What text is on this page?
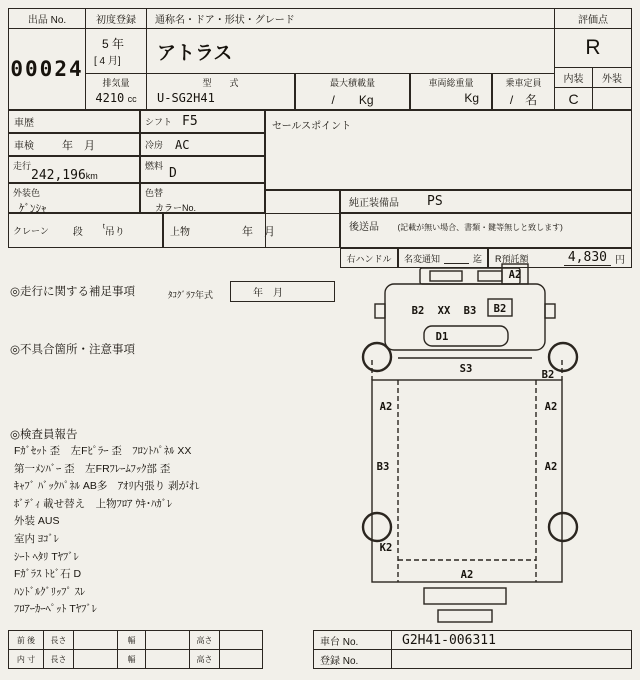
出品 No.
00024
初度登録
5 年
[ 4 月]
通称名・ドア・形状・グレード
アトラス
評価点
R
内装	外装
C
排気量
4210 cc
型　　式
U-SG2H41
最大積載量
/　　Kg
車両総重量
Kg
乗車定員
/　名
車歴	シフト F5
車検	年　月	冷房 AC
走行
242,196km
燃料 D
外装色
ｹﾞﾝｼｬ
色替
カラーNo.
クレーン 段
$^t$吊り	上物	年　月
セールスポイント
純正装備品 PS
後送品 (記載が無い場合、書類・鍵等無しと致します)
右ハンドル	名変通知	迄 R預託額	4,830 円
◎走行に関する補足事項	ﾀｺｸﾞﾗﾌ年式	年　月
◎不具合箇所・注意事項
◎検査員報告
Fｶﾞｾｯﾄ 歪　左Fﾋﾟﾗｰ 歪　ﾌﾛﾝﾄﾊﾟﾈﾙ XX
第一ﾒﾝﾊﾞｰ 歪　左FRﾌﾚｰﾑﾌｯｸ部 歪
ｷｬﾌﾞ ﾊﾞｯｸﾊﾟﾈﾙ AB多　ｱｵﾘ内張り 剥がれ
ﾎﾞﾃﾞｨ 載せ替え　上物ﾌﾛｱ ｳｷ･ﾊｶﾞﾚ
外装 AUS
室内 ﾖｺﾞﾚ
ｼｰﾄ ﾍﾀﾘ Tﾔﾌﾞﾚ
Fｶﾞﾗｽ ﾄﾋﾞ石 D
ﾊﾝﾄﾞﾙｸﾞﾘｯﾌﾟ ｽﾚ
ﾌﾛｱｰｶｰﾍﾟｯﾄ Tﾔﾌﾞﾚ
A2
B2 XX B3 B2
D1
S3	B2
A2	A2
B3	A2
K2
A2
前 後	長さ	幅	高さ
内 寸	長さ	幅	高さ
車台 No.	G2H41-006311
登録 No.
